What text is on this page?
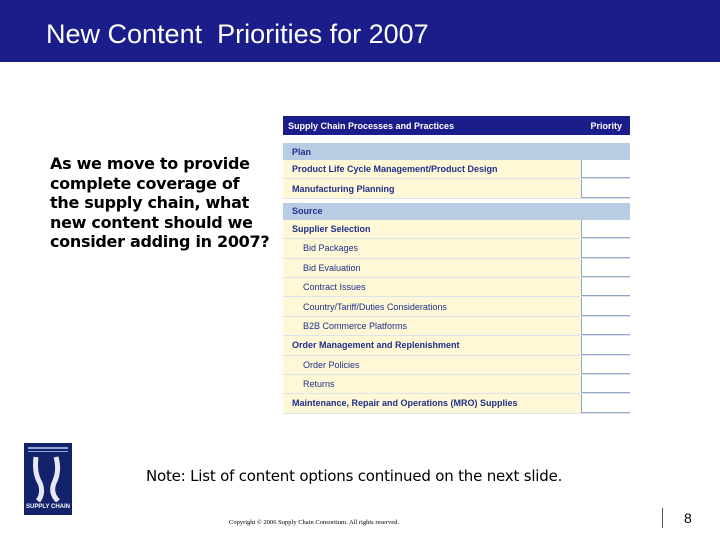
New Content  Priorities for 2007
As we move to provide complete coverage of the supply chain, what new content should we consider adding in 2007?
Supply Chain Processes and Practices	Priority
Plan
Product Life Cycle Management/Product Design
Manufacturing Planning
Source
Supplier Selection
Bid Packages
Bid Evaluation
Contract Issues
Country/Tariff/Duties Considerations
B2B Commerce Platforms
Order Management and Replenishment
Order Policies
Returns
Maintenance, Repair and Operations (MRO) Supplies
SUPPLY CHAIN
Note: List of content options continued on the next slide.
Copyright © 2006 Supply Chain Consortium. All rights reserved.	8
